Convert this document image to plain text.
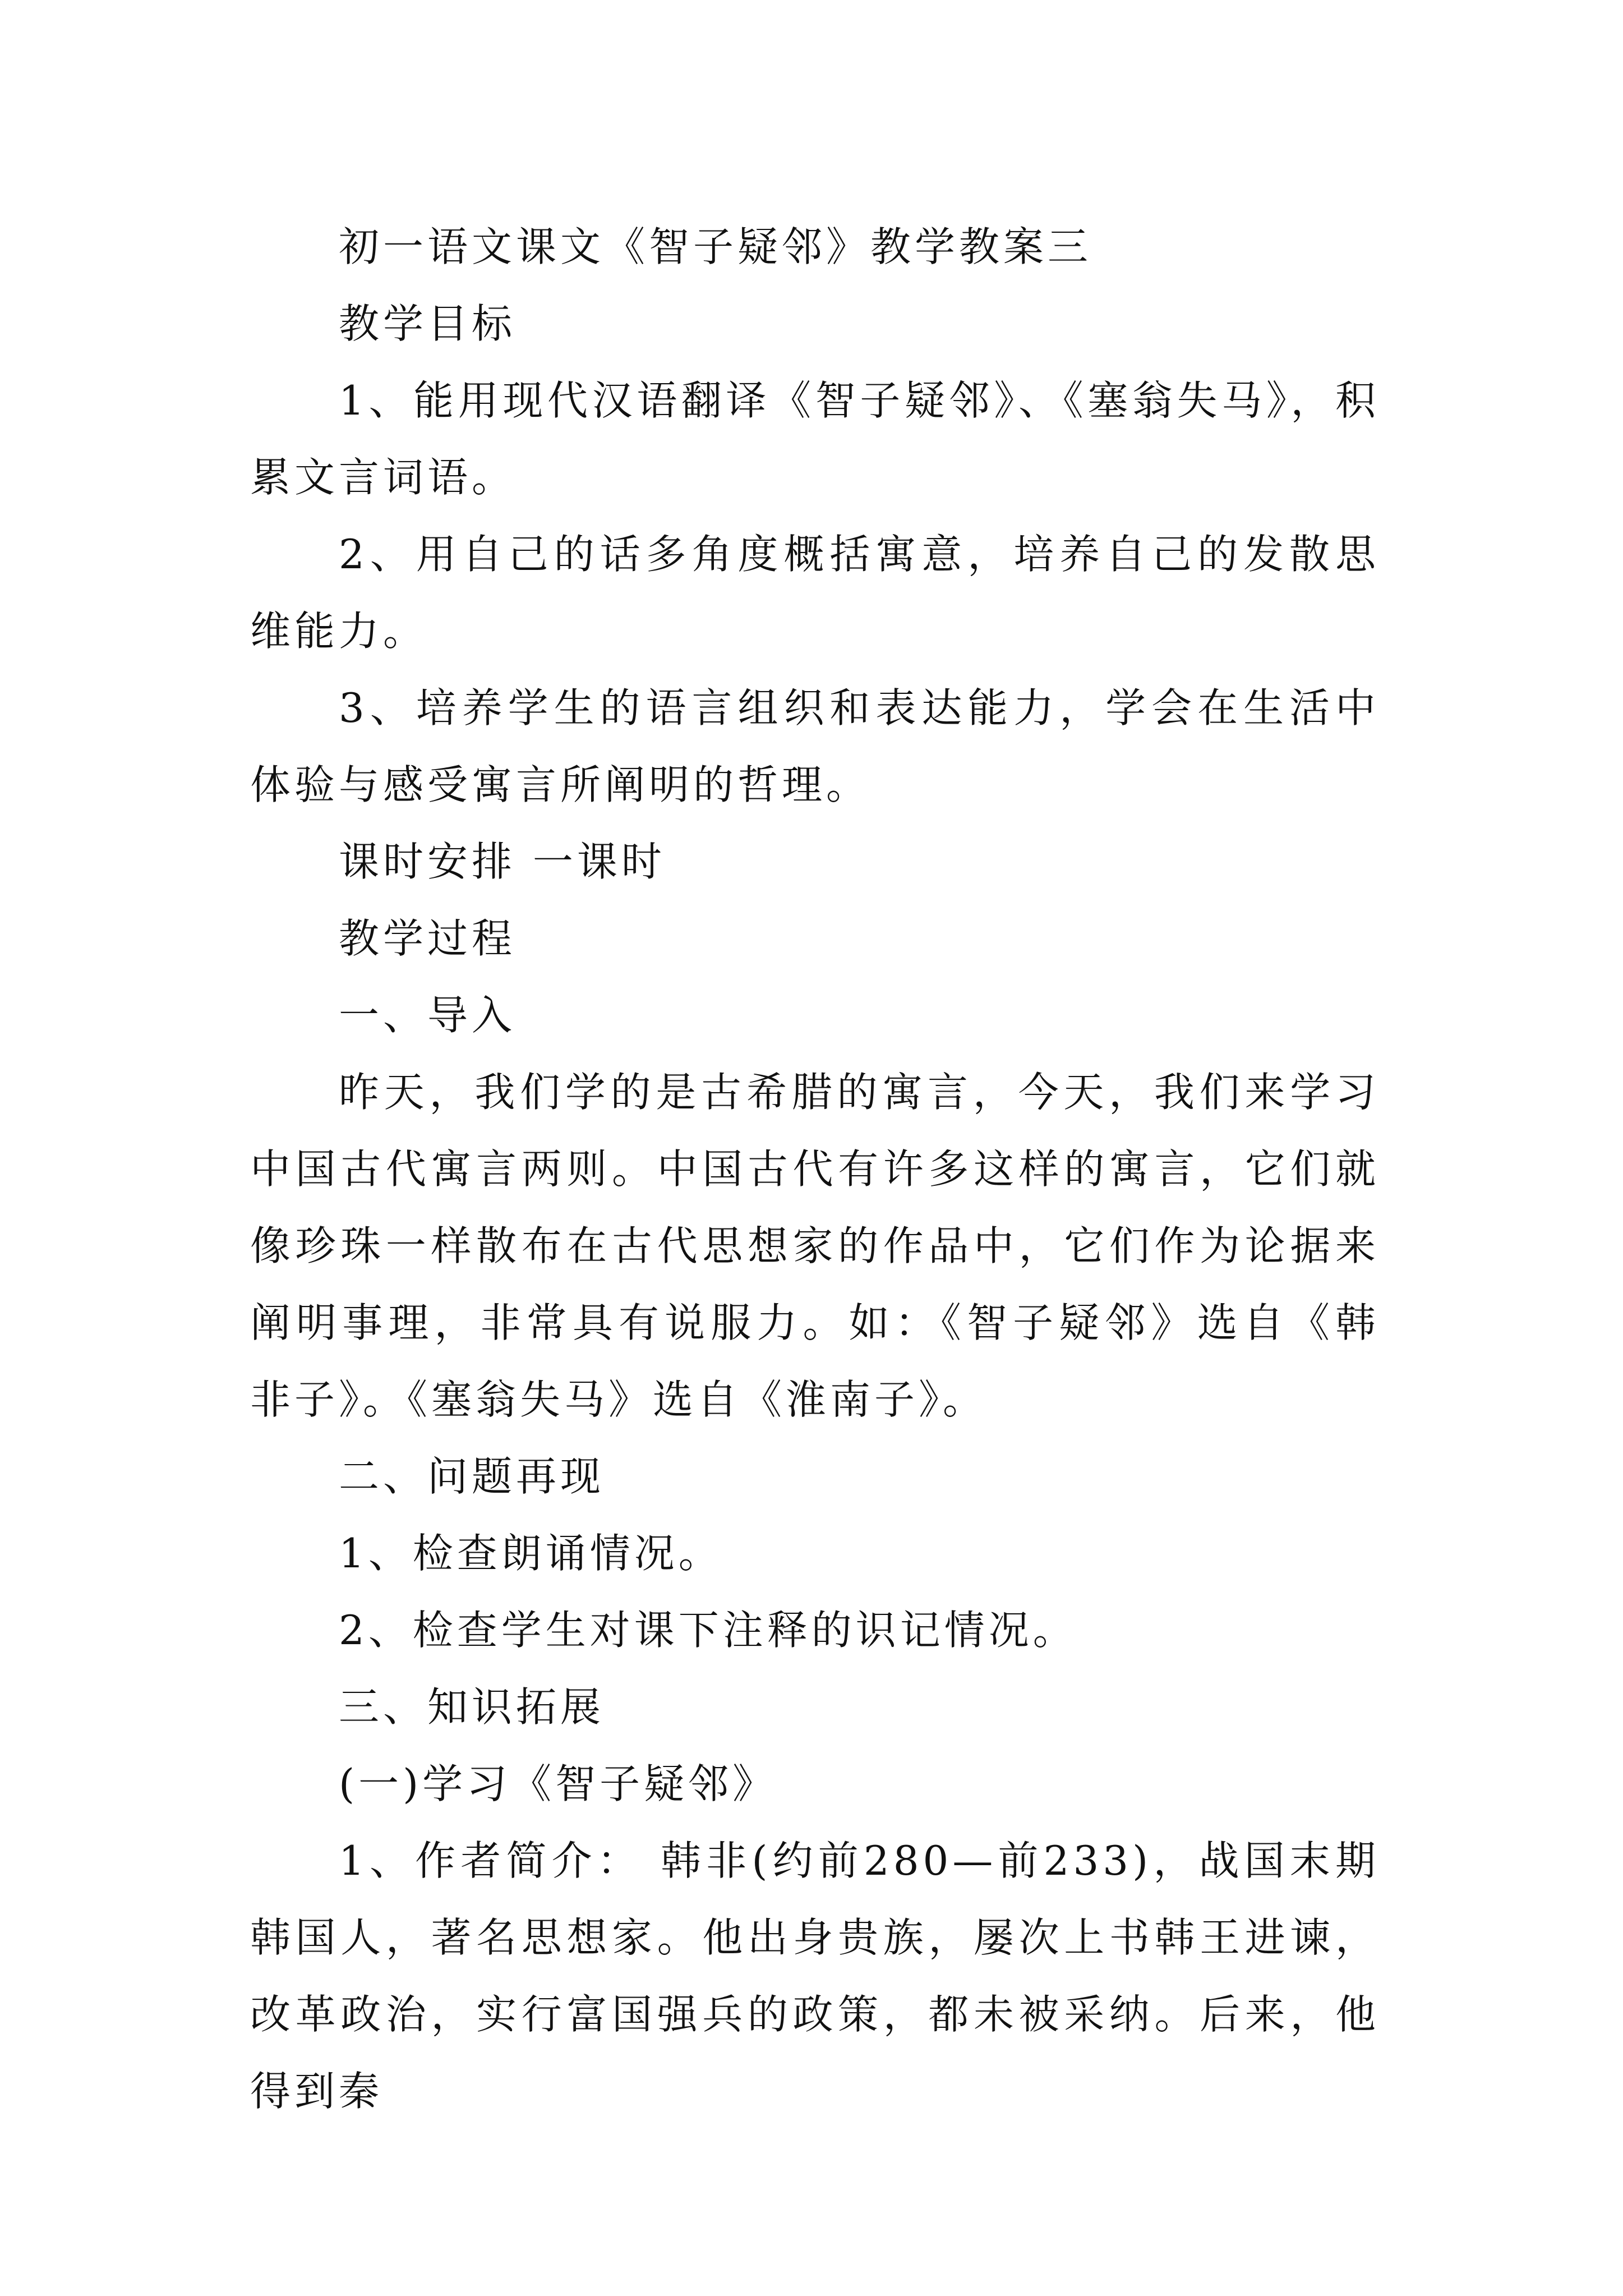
初一语文课文《智子疑邻》教学教案三

教学目标

1、能用现代汉语翻译《智子疑邻》、《塞翁失马》，积累文言词语。

2、用自己的话多角度概括寓意，培养自己的发散思维能力。

3、培养学生的语言组织和表达能力，学会在生活中体验与感受寓言所阐明的哲理。

课时安排 一课时

教学过程

一、导入

昨天，我们学的是古希腊的寓言，今天，我们来学习中国古代寓言两则。中国古代有许多这样的寓言，它们就像珍珠一样散布在古代思想家的作品中，它们作为论据来阐明事理，非常具有说服力。如：《智子疑邻》选自《韩非子》。《塞翁失马》选自《淮南子》。

二、问题再现

1、检查朗诵情况。

2、检查学生对课下注释的识记情况。

三、知识拓展

(一)学习《智子疑邻》

1、作者简介： 韩非(约前280—前233)，战国末期韩国人，著名思想家。他出身贵族，屡次上书韩王进谏，改革政治，实行富国强兵的政策，都未被采纳。后来，他得到秦
